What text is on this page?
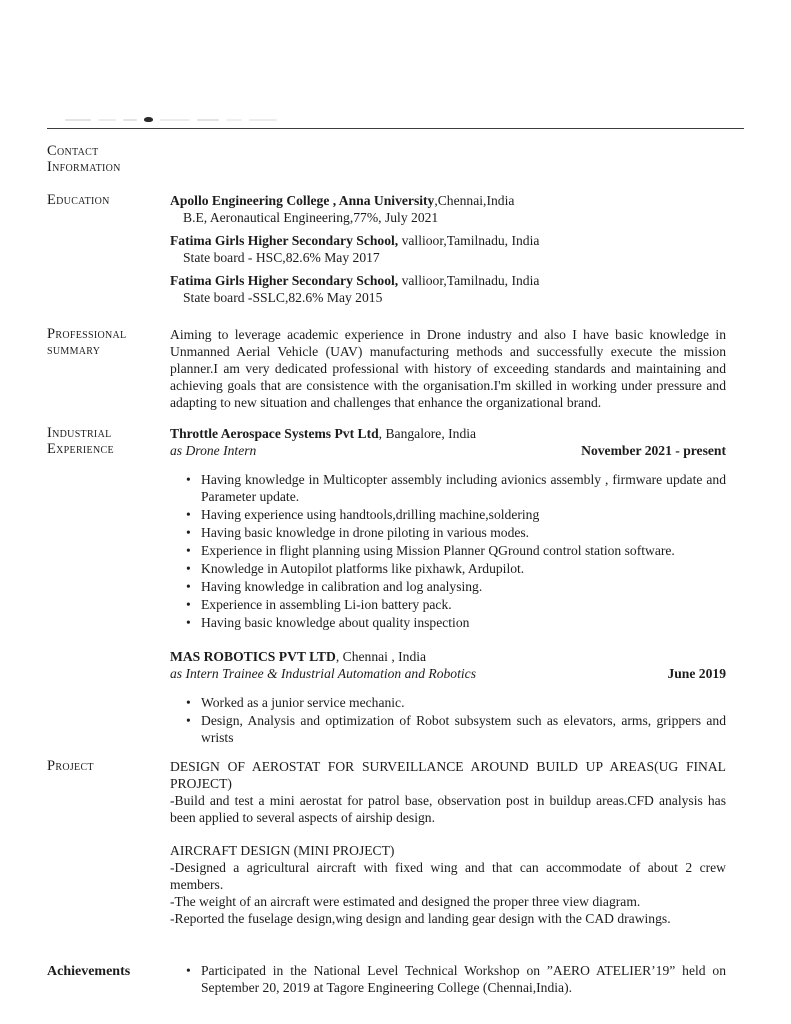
Contact
Information
Education	Apollo Engineering College , Anna University,Chennai,India
B.E, Aeronautical Engineering,77%, July 2021
Fatima Girls Higher Secondary School, vallioor,Tamilnadu, India
State board - HSC,82.6% May 2017
Fatima Girls Higher Secondary School, vallioor,Tamilnadu, India
State board -SSLC,82.6% May 2015
Professional
summary
Aiming to leverage academic experience in Drone industry and also I have basic knowledge in Unmanned Aerial Vehicle (UAV) manufacturing methods and successfully execute the mission planner.I am very dedicated professional with history of exceeding standards and maintaining and achieving goals that are consistence with the organisation.I'm skilled in working under pressure and adapting to new situation and challenges that enhance the organizational brand.
Industrial
Experience
Throttle Aerospace Systems Pvt Ltd, Bangalore, India
as Drone Intern	November 2021 - present
• Having knowledge in Multicopter assembly including avionics assembly , firmware update and Parameter update.
• Having experience using handtools,drilling machine,soldering
• Having basic knowledge in drone piloting in various modes.
• Experience in flight planning using Mission Planner QGround control station software.
• Knowledge in Autopilot platforms like pixhawk, Ardupilot.
• Having knowledge in calibration and log analysing.
• Experience in assembling Li-ion battery pack.
• Having basic knowledge about quality inspection
MAS ROBOTICS PVT LTD, Chennai , India
as Intern Trainee & Industrial Automation and Robotics	June 2019
• Worked as a junior service mechanic.
• Design, Analysis and optimization of Robot subsystem such as elevators, arms, grippers and wrists
Project	DESIGN OF AEROSTAT FOR SURVEILLANCE AROUND BUILD UP AREAS(UG FINAL PROJECT)
-Build and test a mini aerostat for patrol base, observation post in buildup areas.CFD analysis has been applied to several aspects of airship design.
AIRCRAFT DESIGN (MINI PROJECT)
-Designed a agricultural aircraft with fixed wing and that can accommodate of about 2 crew members.
-The weight of an aircraft were estimated and designed the proper three view diagram.
-Reported the fuselage design,wing design and landing gear design with the CAD drawings.
Achievements	• Participated in the National Level Technical Workshop on ”AERO ATELIER’19” held on September 20, 2019 at Tagore Engineering College (Chennai,India).
